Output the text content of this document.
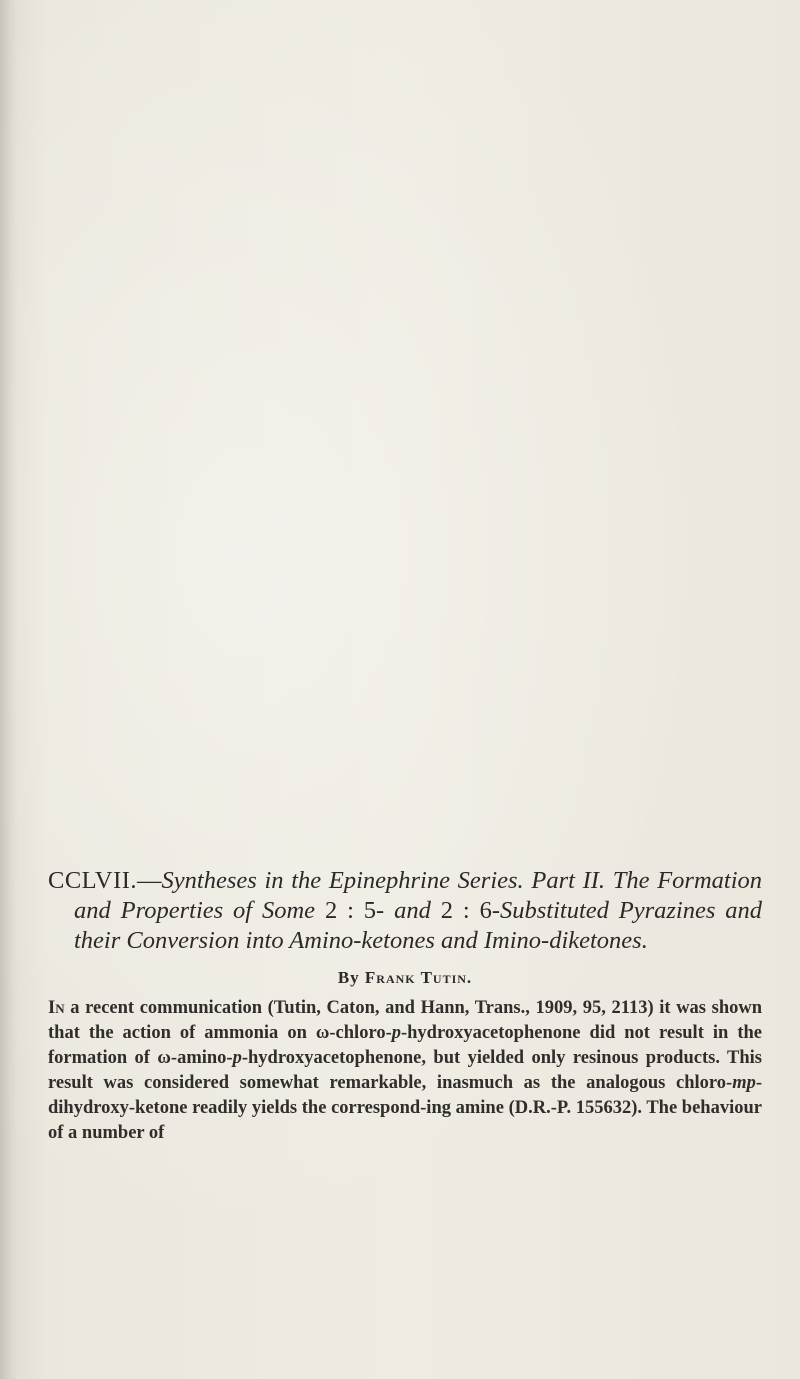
CCLVII.—Syntheses in the Epinephrine Series. Part II. The Formation and Properties of Some 2 : 5- and 2 : 6-Substituted Pyrazines and their Conversion into Amino-ketones and Imino-diketones.

By Frank Tutin.

In a recent communication (Tutin, Caton, and Hann, Trans., 1909, 95, 2113) it was shown that the action of ammonia on ω-chloro-p-hydroxyacetophenone did not result in the formation of ω-amino-p-hydroxyacetophenone, but yielded only resinous products. This result was considered somewhat remarkable, inasmuch as the analogous chloro-mp-dihydroxy-ketone readily yields the correspond-ing amine (D.R.-P. 155632). The behaviour of a number of
